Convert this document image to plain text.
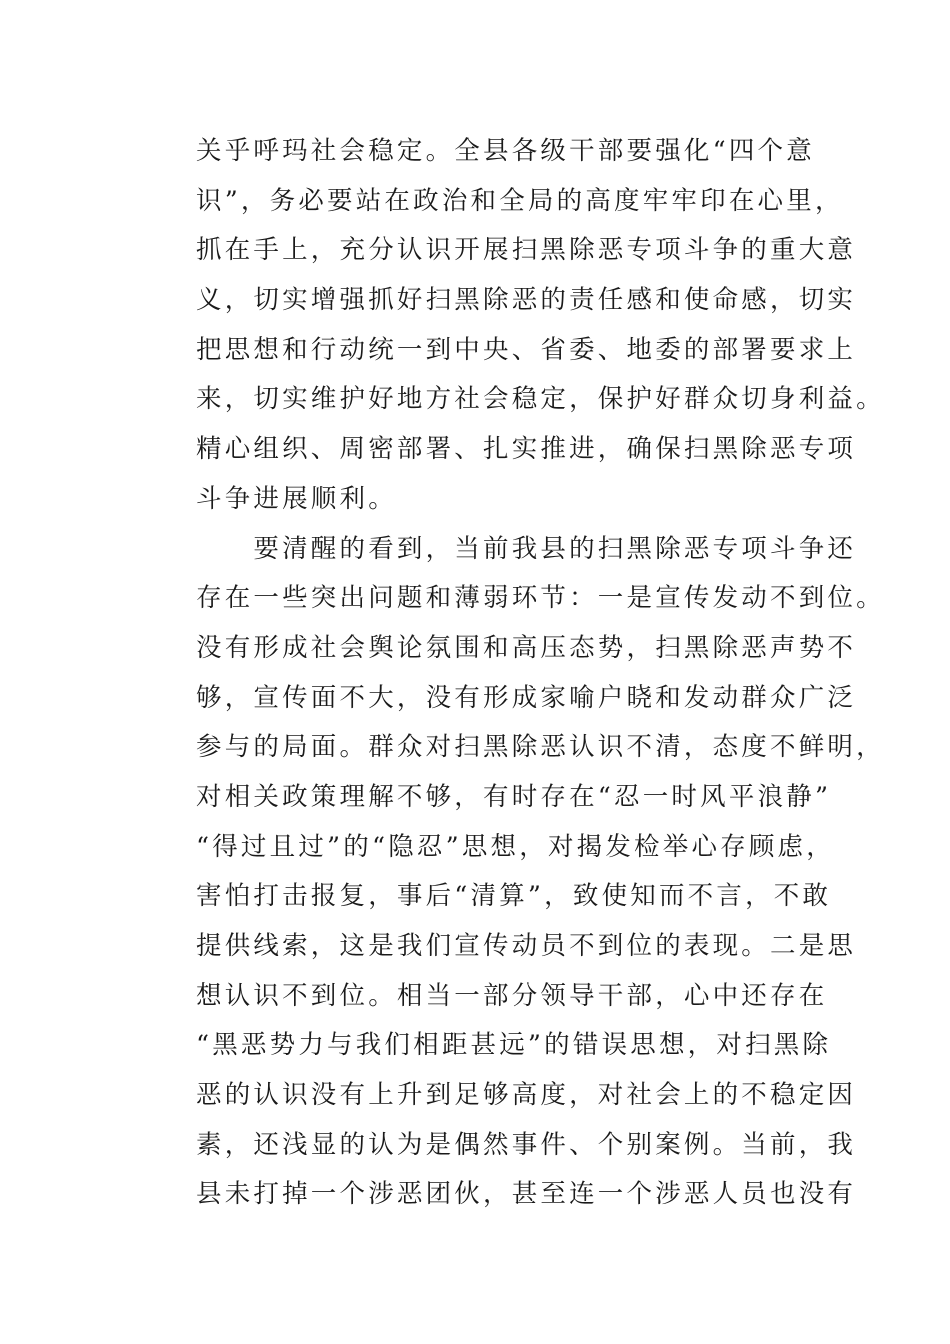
关乎呼玛社会稳定。全县各级干部要强化“四个意
识”，务必要站在政治和全局的高度牢牢印在心里，
抓在手上，充分认识开展扫黑除恶专项斗争的重大意
义，切实增强抓好扫黑除恶的责任感和使命感，切实
把思想和行动统一到中央、省委、地委的部署要求上
来，切实维护好地方社会稳定，保护好群众切身利益。
精心组织、周密部署、扎实推进，确保扫黑除恶专项
斗争进展顺利。
　　要清醒的看到，当前我县的扫黑除恶专项斗争还
存在一些突出问题和薄弱环节：一是宣传发动不到位。
没有形成社会舆论氛围和高压态势，扫黑除恶声势不
够，宣传面不大，没有形成家喻户晓和发动群众广泛
参与的局面。群众对扫黑除恶认识不清，态度不鲜明，
对相关政策理解不够，有时存在“忍一时风平浪静”
“得过且过”的“隐忍”思想，对揭发检举心存顾虑，
害怕打击报复，事后“清算”，致使知而不言，不敢
提供线索，这是我们宣传动员不到位的表现。二是思
想认识不到位。相当一部分领导干部，心中还存在
“黑恶势力与我们相距甚远”的错误思想，对扫黑除
恶的认识没有上升到足够高度，对社会上的不稳定因
素，还浅显的认为是偶然事件、个别案例。当前，我
县未打掉一个涉恶团伙，甚至连一个涉恶人员也没有
